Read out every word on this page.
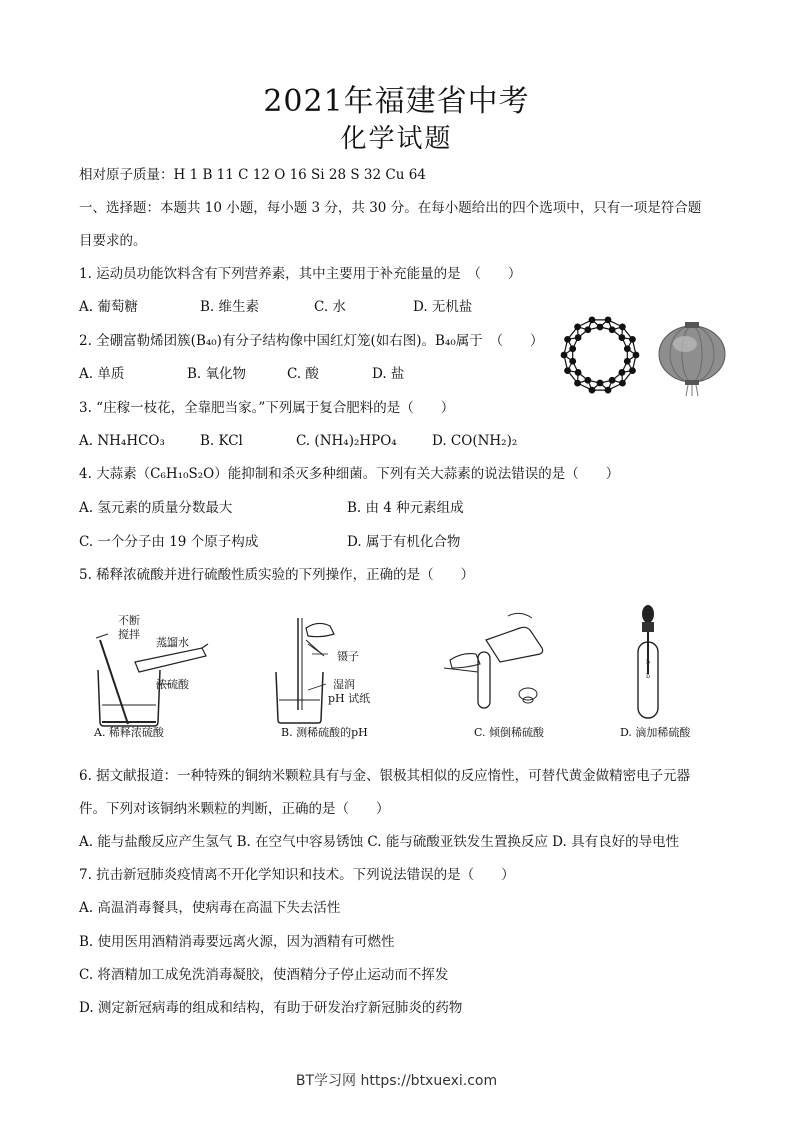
2021年福建省中考
化学试题
相对原子质量：H 1 B 11 C 12 O 16 Si 28 S 32 Cu 64
一、选择题：本题共 10 小题，每小题 3 分，共 30 分。在每小题给出的四个选项中，只有一项是符合题
目要求的。
1. 运动员功能饮料含有下列营养素，其中主要用于补充能量的是　（　　）
A. 葡萄糖	B. 维生素	C. 水	D. 无机盐
2. 全硼富勒烯团簇(B₄₀)有分子结构像中国红灯笼(如右图)。B₄₀属于　（　　）
A. 单质	B. 氧化物	C. 酸	D. 盐
3. “庄稼一枝花，全靠肥当家。”下列属于复合肥料的是（　　）
A. NH₄HCO₃	B. KCl	C. (NH₄)₂HPO₄	D. CO(NH₂)₂
4. 大蒜素（C₆H₁₀S₂O）能抑制和杀灭多种细菌。下列有关大蒜素的说法错误的是（　　）
A. 氢元素的质量分数最大	B. 由 4 种元素组成
C. 一个分子由 19 个原子构成	D. 属于有机化合物
5. 稀释浓硫酸并进行硫酸性质实验的下列操作，正确的是（　　）
不断
搅拌
蒸馏水
浓硫酸
A. 稀释浓硫酸
镊子
湿润
pH 试纸
B. 测稀硫酸的pH	C. 倾倒稀硫酸
b
b
D. 滴加稀硫酸
6. 据文献报道：一种特殊的铜纳米颗粒具有与金、银极其相似的反应惰性，可替代黄金做精密电子元器
件。下列对该铜纳米颗粒的判断，正确的是（　　）
A. 能与盐酸反应产生氢气 B. 在空气中容易锈蚀 C. 能与硫酸亚铁发生置换反应 D. 具有良好的导电性
7. 抗击新冠肺炎疫情离不开化学知识和技术。下列说法错误的是（　　）
A. 高温消毒餐具，使病毒在高温下失去活性
B. 使用医用酒精消毒要远离火源，因为酒精有可燃性
C. 将酒精加工成免洗消毒凝胶，使酒精分子停止运动而不挥发
D. 测定新冠病毒的组成和结构，有助于研发治疗新冠肺炎的药物
BT学习网 https://btxuexi.com
